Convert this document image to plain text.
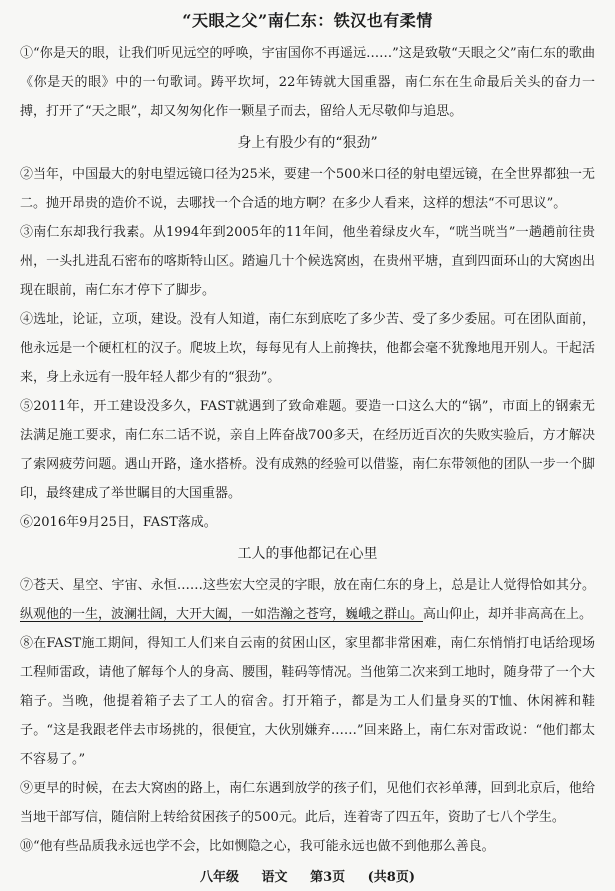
“天眼之父”南仁东：铁汉也有柔情

①“你是天的眼，让我们听见远空的呼唤，宇宙国你不再遥远……”这是致敬“天眼之父”南仁东的歌曲《你是天的眼》中的一句歌词。踌平坎坷，22年铸就大国重器，南仁东在生命最后关头的奋力一搏，打开了“天之眼”，却又匆匆化作一颗星子而去，留给人无尽敬仰与追思。

身上有股少有的“狠劲”

②当年，中国最大的射电望远镜口径为25米，要建一个500米口径的射电望远镜，在全世界都独一无二。抛开昂贵的造价不说，去哪找一个合适的地方啊？在多少人看来，这样的想法“不可思议”。

③南仁东却我行我素。从1994年到2005年的11年间，他坐着绿皮火车，“咣当咣当”一趟趟前往贵州，一头扎进乱石密布的喀斯特山区。踏遍几十个候选窝凼，在贵州平塘，直到四面环山的大窝凼出现在眼前，南仁东才停下了脚步。

④选址，论证，立项，建设。没有人知道，南仁东到底吃了多少苦、受了多少委屈。可在团队面前，他永远是一个硬杠杠的汉子。爬坡上坎，每每见有人上前搀扶，他都会毫不犹豫地甩开别人。干起活来，身上永远有一股年轻人都少有的“狠劲”。

⑤2011年，开工建设没多久，FAST就遇到了致命难题。要造一口这么大的“锅”，市面上的钢索无法满足施工要求，南仁东二话不说，亲自上阵奋战700多天，在经历近百次的失败实验后，方才解决了索网疲劳问题。遇山开路，逢水搭桥。没有成熟的经验可以借鉴，南仁东带领他的团队一步一个脚印，最终建成了举世瞩目的大国重器。

⑥2016年9月25日，FAST落成。

工人的事他都记在心里

⑦苍天、星空、宇宙、永恒……这些宏大空灵的字眼，放在南仁东的身上，总是让人觉得恰如其分。纵观他的一生，波澜壮阔，大开大阖，一如浩瀚之苍穹，巍峨之群山。高山仰止，却并非高高在上。

⑧在FAST施工期间，得知工人们来自云南的贫困山区，家里都非常困难，南仁东悄悄打电话给现场工程师雷政，请他了解每个人的身高、腰围，鞋码等情况。当他第二次来到工地时，随身带了一个大箱子。当晚，他提着箱子去了工人的宿舍。打开箱子，都是为工人们量身买的T恤、休闲裤和鞋子。“这是我跟老伴去市场挑的，很便宜，大伙别嫌弃……”回来路上，南仁东对雷政说：“他们都太不容易了。”

⑨更早的时候，在去大窝凼的路上，南仁东遇到放学的孩子们，见他们衣衫单薄，回到北京后，他给当地干部写信，随信附上转给贫困孩子的500元。此后，连着寄了四五年，资助了七八个学生。

⑩“他有些品质我永远也学不会，比如恻隐之心，我可能永远也做不到他那么善良。

八年级 语文 第3页 (共8页)
